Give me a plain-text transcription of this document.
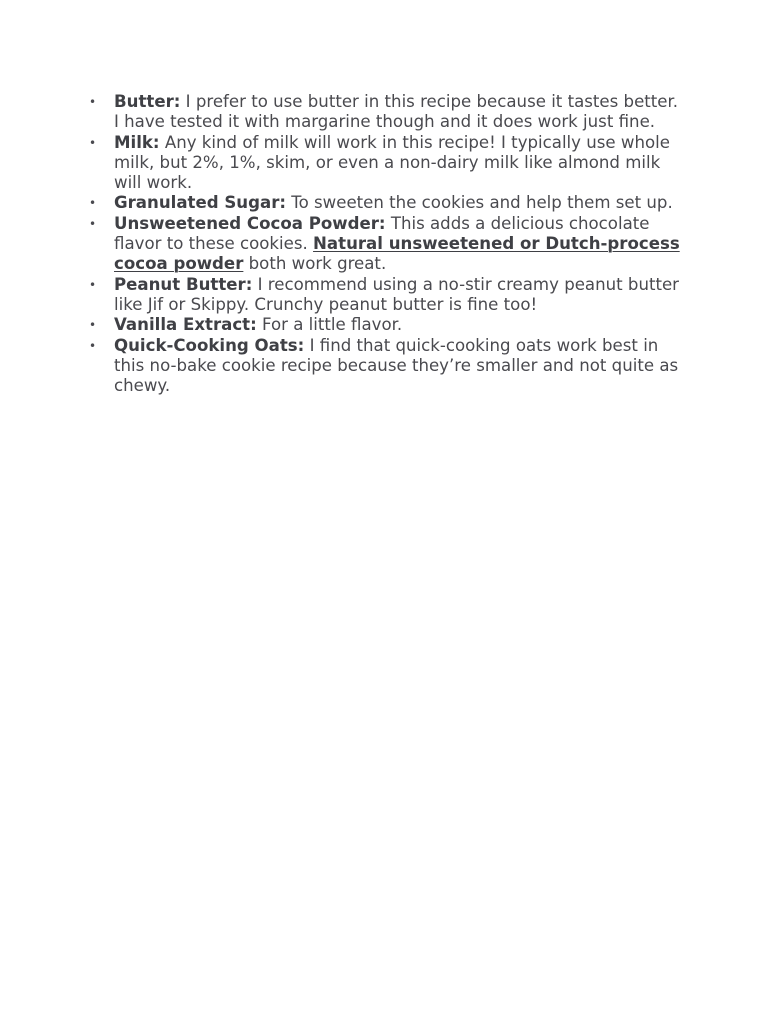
• Butter: I prefer to use butter in this recipe because it tastes better. I have tested it with margarine though and it does work just fine.
• Milk: Any kind of milk will work in this recipe! I typically use whole milk, but 2%, 1%, skim, or even a non-dairy milk like almond milk will work.
• Granulated Sugar: To sweeten the cookies and help them set up.
• Unsweetened Cocoa Powder: This adds a delicious chocolate flavor to these cookies. Natural unsweetened or Dutch-process cocoa powder both work great.
• Peanut Butter: I recommend using a no-stir creamy peanut butter like Jif or Skippy. Crunchy peanut butter is fine too!
• Vanilla Extract: For a little flavor.
• Quick-Cooking Oats: I find that quick-cooking oats work best in this no-bake cookie recipe because they’re smaller and not quite as chewy.
